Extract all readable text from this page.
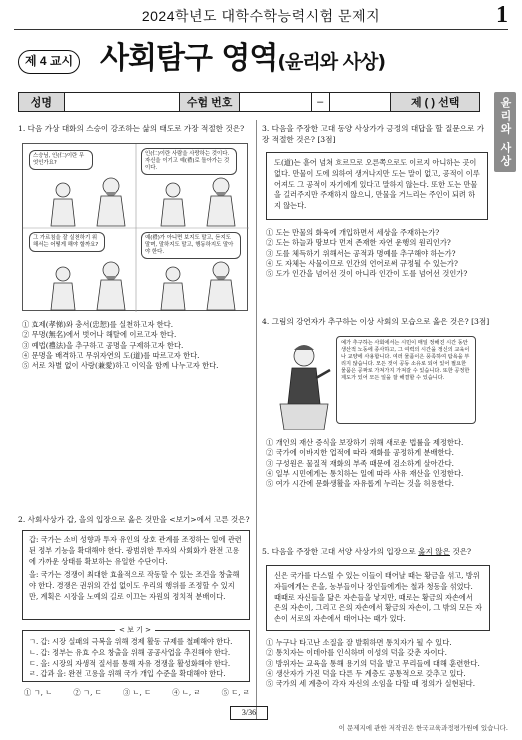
2024학년도 대학수학능력시험 문제지	1
제 4 교시 사회탐구 영역(윤리와 사상)
성명	수험 번호	–	제 ( ) 선택	윤리와 사상
1. 다음 가상 대화의 스승이 강조하는 삶의 태도로 가장 적절한 것은?
스승님, 인(仁)이란 무엇인가요?
인(仁)이란 사람을 사랑하는 것이다. 자신을 이기고 예(禮)로 돌아가는 것이다.
그 가르침을 잘 실천하기 위해서는 어떻게 해야 할까요?
예(禮)가 아니면 보지도 말고, 듣지도 말며, 말하지도 말고, 행동하지도 말아야 한다.
① 효제(孝悌)와 충서(忠恕)를 실천하고자 한다.
② 무명(無名)에서 벗어나 해탈에 이르고자 한다.
③ 예법(禮法)을 추구하고 공명을 구제하고자 한다.
④ 문명을 배격하고 무위자연의 도(道)를 따르고자 한다.
⑤ 서로 차별 없이 사랑(兼愛)하고 이익을 함께 나누고자 한다.
2. 사회사상가 갑, 을의 입장으로 옳은 것만을 <보기>에서 고른 것은?
갑: 국가는 소비 성향과 투자 유인의 상호 관계를 조정하는 일에 관련된 정부 기능을 확대해야 한다. 광범위한 투자의 사회화가 완전 고용에 가까운 상태를 확보하는 유일한 수단이다.
을: 국가는 경쟁이 최대한 효율적으로 작동할 수 있는 조건을 창출해야 한다. 경쟁은 권위의 간섭 없이도 우리의 행위를 조정할 수 있지만, 계획은 시장을 노예의 길로 이끄는 자원의 정치적 분배이다.
< 보 기 >
ㄱ. 갑: 시장 실패의 극복을 위해 경제 활동 규제를 철폐해야 한다.
ㄴ. 갑: 정부는 유효 수요 창출을 위해 공공사업을 추진해야 한다.
ㄷ. 을: 시장의 자생적 질서를 통해 자유 경쟁을 활성화해야 한다.
ㄹ. 갑과 을: 완전 고용을 위해 국가 개입 수준을 확대해야 한다.
① ㄱ, ㄴ	② ㄱ, ㄷ	③ ㄴ, ㄷ	④ ㄴ, ㄹ	⑤ ㄷ, ㄹ
3. 다음을 주장한 고대 동양 사상가가 긍정의 대답을 할 질문으로 가장 적절한 것은? [3점]
도(道)는 흩어 넘쳐 흐르므로 오른쪽으로도 이르지 아니하는 곳이 없다. 만물이 도에 의하여 생겨나지만 도는 말이 없고, 공적이 이루어져도 그 공적이 자기에게 있다고 말하지 않는다. 또한 도는 만물을 길러주지만 주재하지 않으니, 만물을 거느리는 주인이 되려 하지 않는다.
① 도는 만물의 화육에 개입하면서 세상을 주재하는가?
② 도는 하늘과 땅보다 먼저 존재한 자연 운행의 원리인가?
③ 도를 체득하기 위해서는 공적과 명예를 추구해야 하는가?
④ 도 자체는 사물이므로 인간의 언어로써 규정될 수 있는가?
⑤ 도가 인간을 넘어선 것이 아니라 인간이 도를 넘어선 것인가?
4. 그림의 강연자가 추구하는 이상 사회의 모습으로 옳은 것은? [3점]
예가 추구하는 사회에서는 시민이 매일 정해진 시간 동안 생산적 노동에 종사하고, 그 여력의 시간을 정신의 교육이나 교양에 사용합니다. 여러 물품이은 풍족하여 탐욕을 부리지 않습니다. 모든 것이 공동 소유로 되어 있어 필요한 물품은 공짜로 가져가지 가져갈 수 있습니다. 또한 공정한 제도가 있어 모든 일을 잘 해결할 수 있습니다.
① 개인의 재산 증식을 보장하기 위해 새로운 법률을 제정한다.
② 국가에 이바지한 업적에 따라 재화를 공정하게 분배한다.
③ 구성원은 물질적 재화의 부족 때문에 검소하게 살아간다.
④ 일부 시민에게는 통치하는 일에 따라 사유 재산을 인정한다.
⑤ 여가 시간에 문화생활을 자유롭게 누리는 것을 허용한다.
5. 다음을 주장한 고대 서양 사상가의 입장으로 옳지 않은 것은?
신은 국가를 다스릴 수 있는 이들이 태어날 때는 황금을 섞고, 방위자들에게는 은을, 농부들이나 장인들에게는 철과 청동을 섞었다. 때때로 자신들을 닮은 자손들을 낳지만, 때로는 황금의 자손에서 은의 자손이, 그리고 은의 자손에서 황금의 자손이, 그 밖의 모든 자손이 서로의 자손에서 태어나는 때가 있다.
① 누구나 타고난 소질을 잘 발휘하면 통치자가 될 수 있다.
② 통치자는 이데아를 인식하며 이성의 덕을 갖춘 자이다.
③ 방위자는 교육을 통해 용기의 덕을 발고 무리들에 대해 훈련한다.
④ 생산자가 가진 덕을 다른 두 계층도 공통적으로 갖추고 있다.
⑤ 국가의 세 계층이 각자 자신의 소임을 다할 때 정의가 실현된다.
3/36
이 문제지에 관한 저작권은 한국교육과정평가원에 있습니다.
